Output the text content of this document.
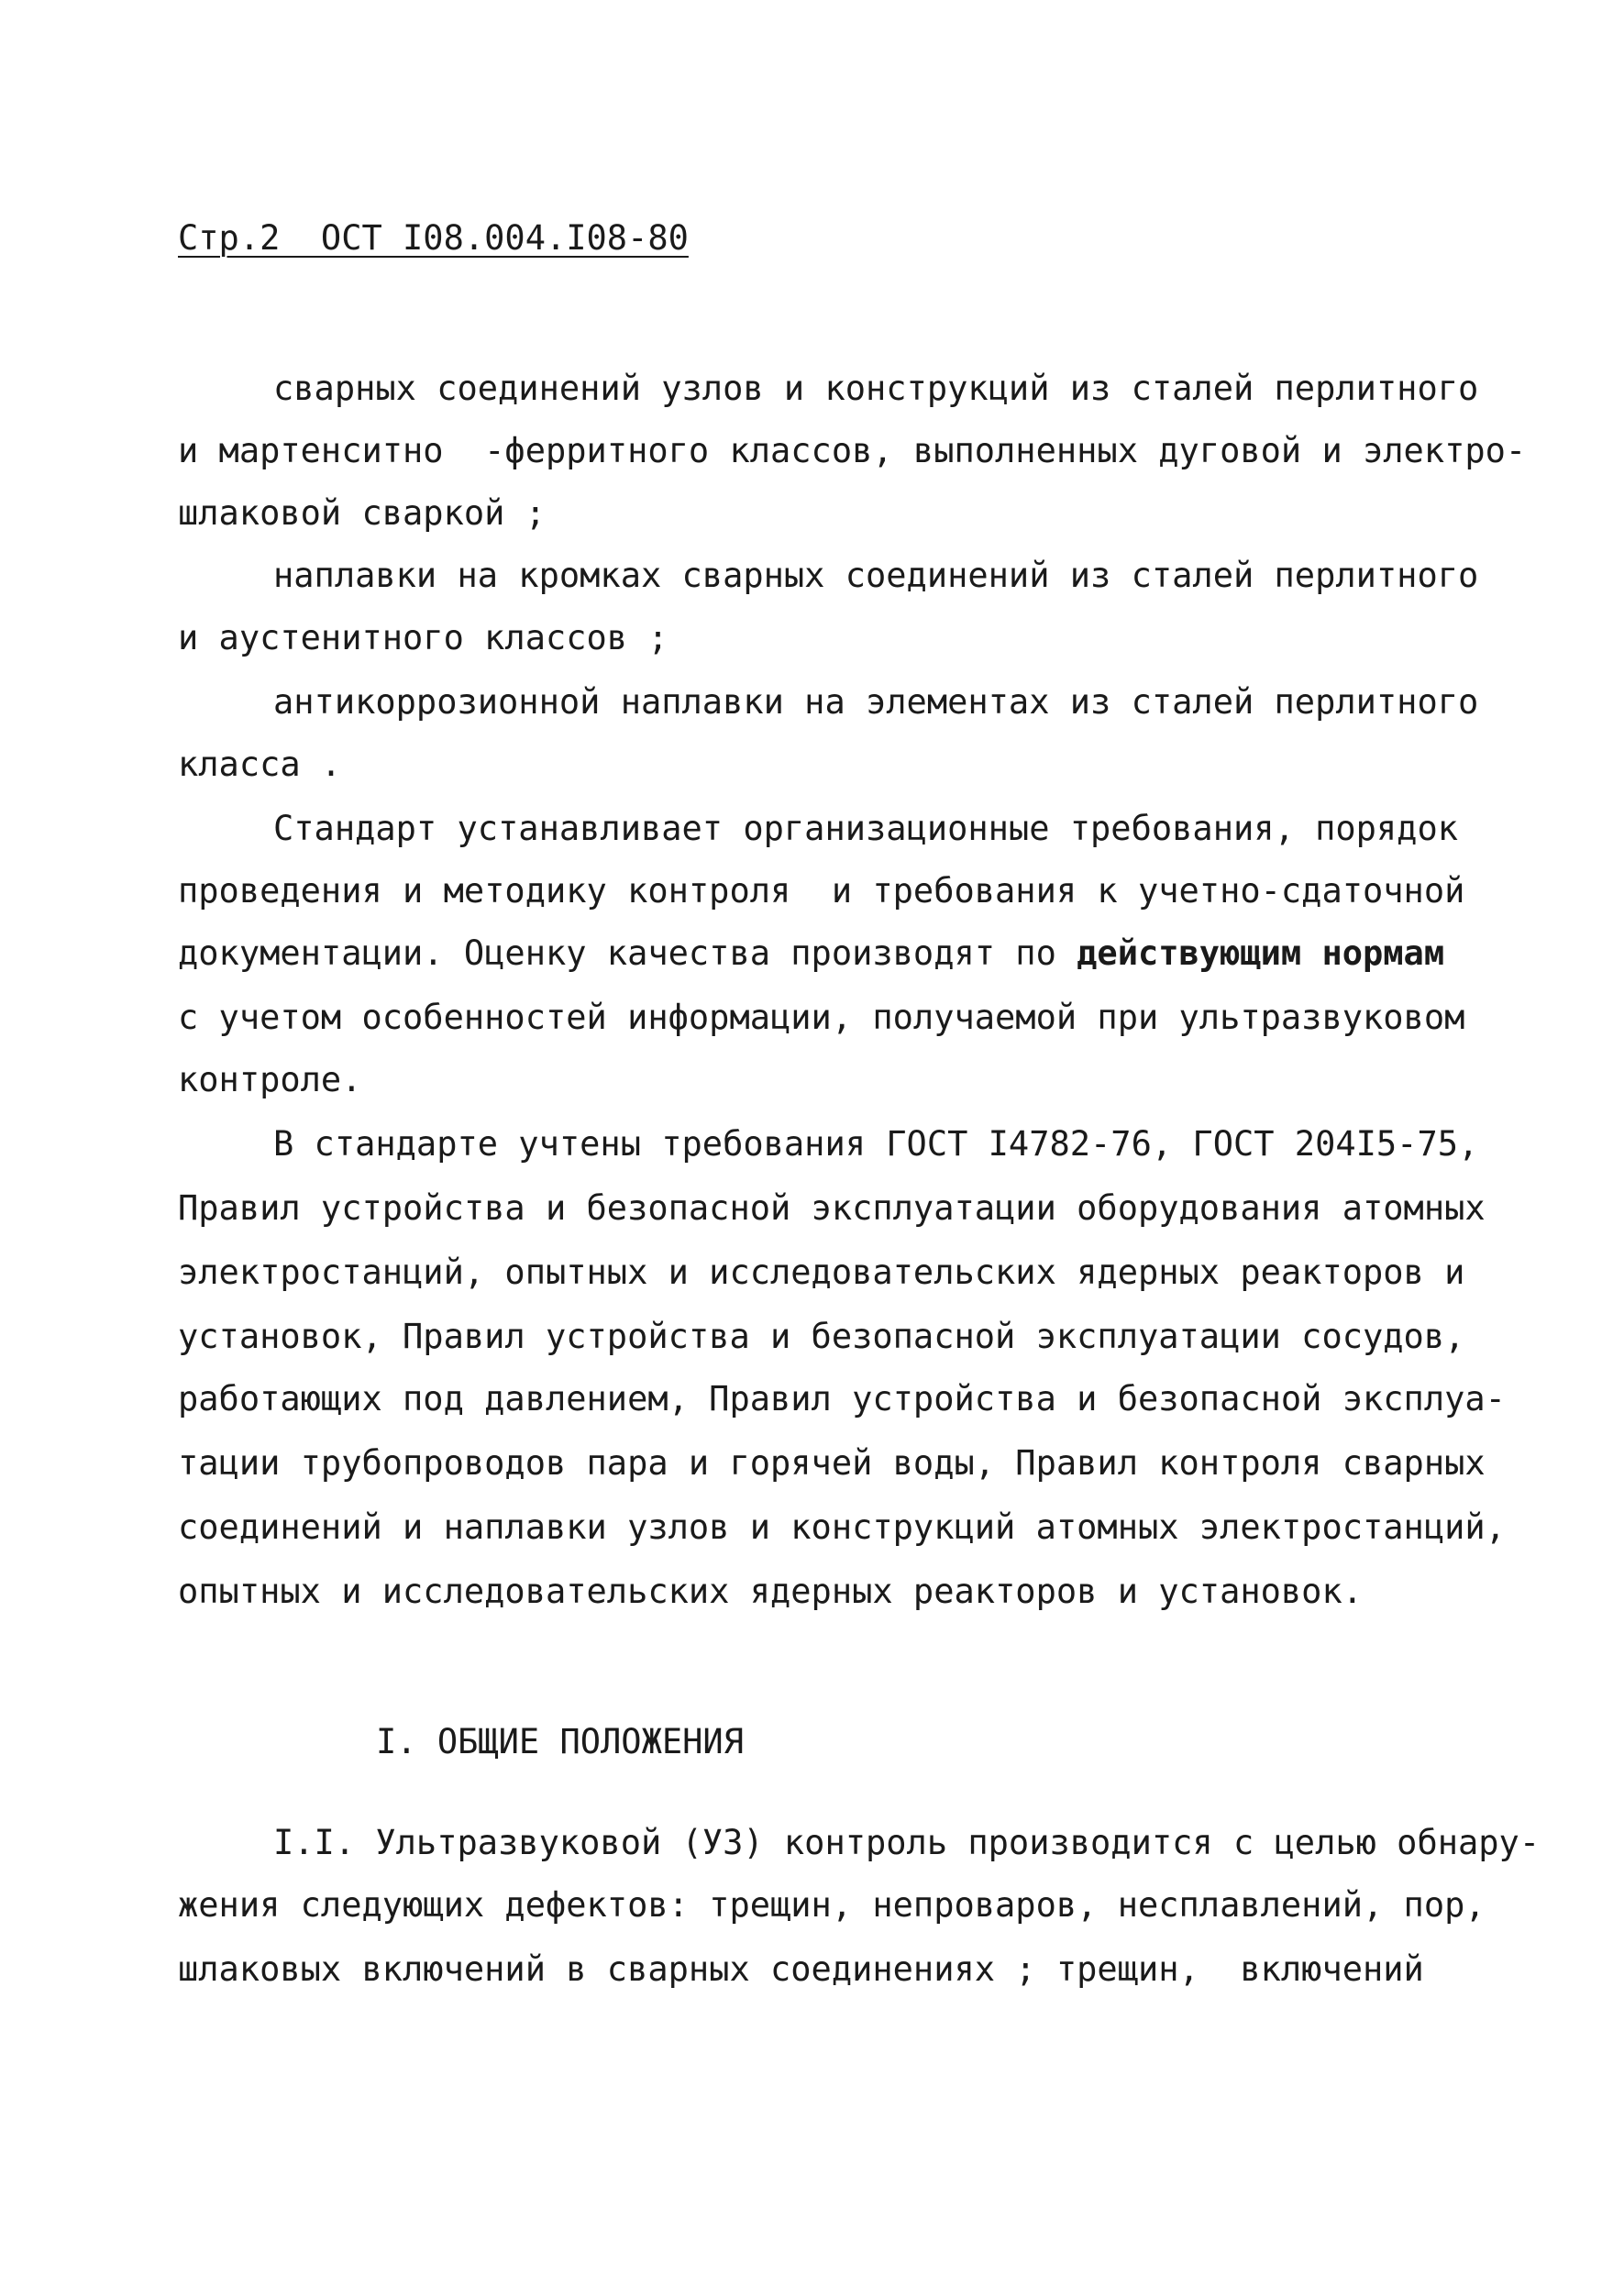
Стр.2  ОСТ I08.004.I08-80

сварных соединений узлов и конструкций из сталей перлитного

и мартенситно  -ферритного классов, выполненных дуговой и электро-

шлаковой сваркой ;

наплавки на кромках сварных соединений из сталей перлитного

и аустенитного классов ;

антикоррозионной наплавки на элементах из сталей перлитного

класса .

Стандарт устанавливает организационные требования, порядок

проведения и методику контроля  и требования к учетно-сдаточной

документации. Оценку качества производят по действующим нормам

с учетом особенностей информации, получаемой при ультразвуковом

контроле.

В стандарте учтены требования ГОСТ I4782-76, ГОСТ 204I5-75,

Правил устройства и безопасной эксплуатации оборудования атомных

электростанций, опытных и исследовательских ядерных реакторов и

установок, Правил устройства и безопасной эксплуатации сосудов,

работающих под давлением, Правил устройства и безопасной эксплуа-

тации трубопроводов пара и горячей воды, Правил контроля сварных

соединений и наплавки узлов и конструкций атомных электростанций,

опытных и исследовательских ядерных реакторов и установок.

I. ОБЩИЕ ПОЛОЖЕНИЯ

I.I. Ультразвуковой (УЗ) контроль производится с целью обнару-

жения следующих дефектов: трещин, непроваров, несплавлений, пор,

шлаковых включений в сварных соединениях ; трещин,  включений
